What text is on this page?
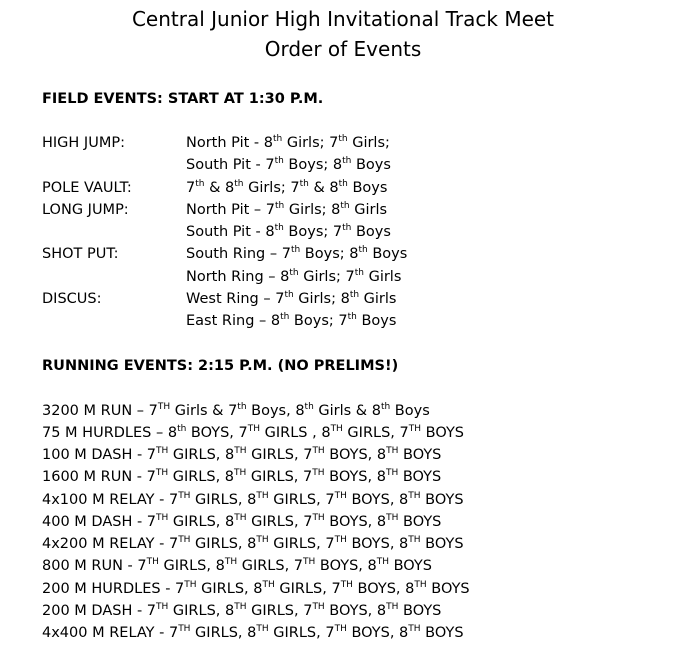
Central Junior High Invitational Track Meet
Order of Events
FIELD EVENTS: START AT 1:30 P.M.
HIGH JUMP:	North Pit - 8th Girls; 7th Girls;
South Pit - 7th Boys; 8th Boys
POLE VAULT:	7th & 8th Girls; 7th & 8th Boys
LONG JUMP:	North Pit – 7th Girls; 8th Girls
South Pit - 8th Boys; 7th Boys
SHOT PUT:	South Ring – 7th Boys; 8th Boys
North Ring – 8th Girls; 7th Girls
DISCUS:	West Ring – 7th Girls; 8th Girls
East Ring – 8th Boys; 7th Boys
RUNNING EVENTS: 2:15 P.M. (NO PRELIMS!)
3200 M RUN – 7TH Girls & 7th Boys, 8th Girls & 8th Boys
75 M HURDLES – 8th BOYS, 7TH GIRLS , 8TH GIRLS, 7TH BOYS
100 M DASH - 7TH GIRLS, 8TH GIRLS, 7TH BOYS, 8TH BOYS
1600 M RUN - 7TH GIRLS, 8TH GIRLS, 7TH BOYS, 8TH BOYS
4x100 M RELAY - 7TH GIRLS, 8TH GIRLS, 7TH BOYS, 8TH BOYS
400 M DASH - 7TH GIRLS, 8TH GIRLS, 7TH BOYS, 8TH BOYS
4x200 M RELAY - 7TH GIRLS, 8TH GIRLS, 7TH BOYS, 8TH BOYS
800 M RUN - 7TH GIRLS, 8TH GIRLS, 7TH BOYS, 8TH BOYS
200 M HURDLES - 7TH GIRLS, 8TH GIRLS, 7TH BOYS, 8TH BOYS
200 M DASH - 7TH GIRLS, 8TH GIRLS, 7TH BOYS, 8TH BOYS
4x400 M RELAY - 7TH GIRLS, 8TH GIRLS, 7TH BOYS, 8TH BOYS
